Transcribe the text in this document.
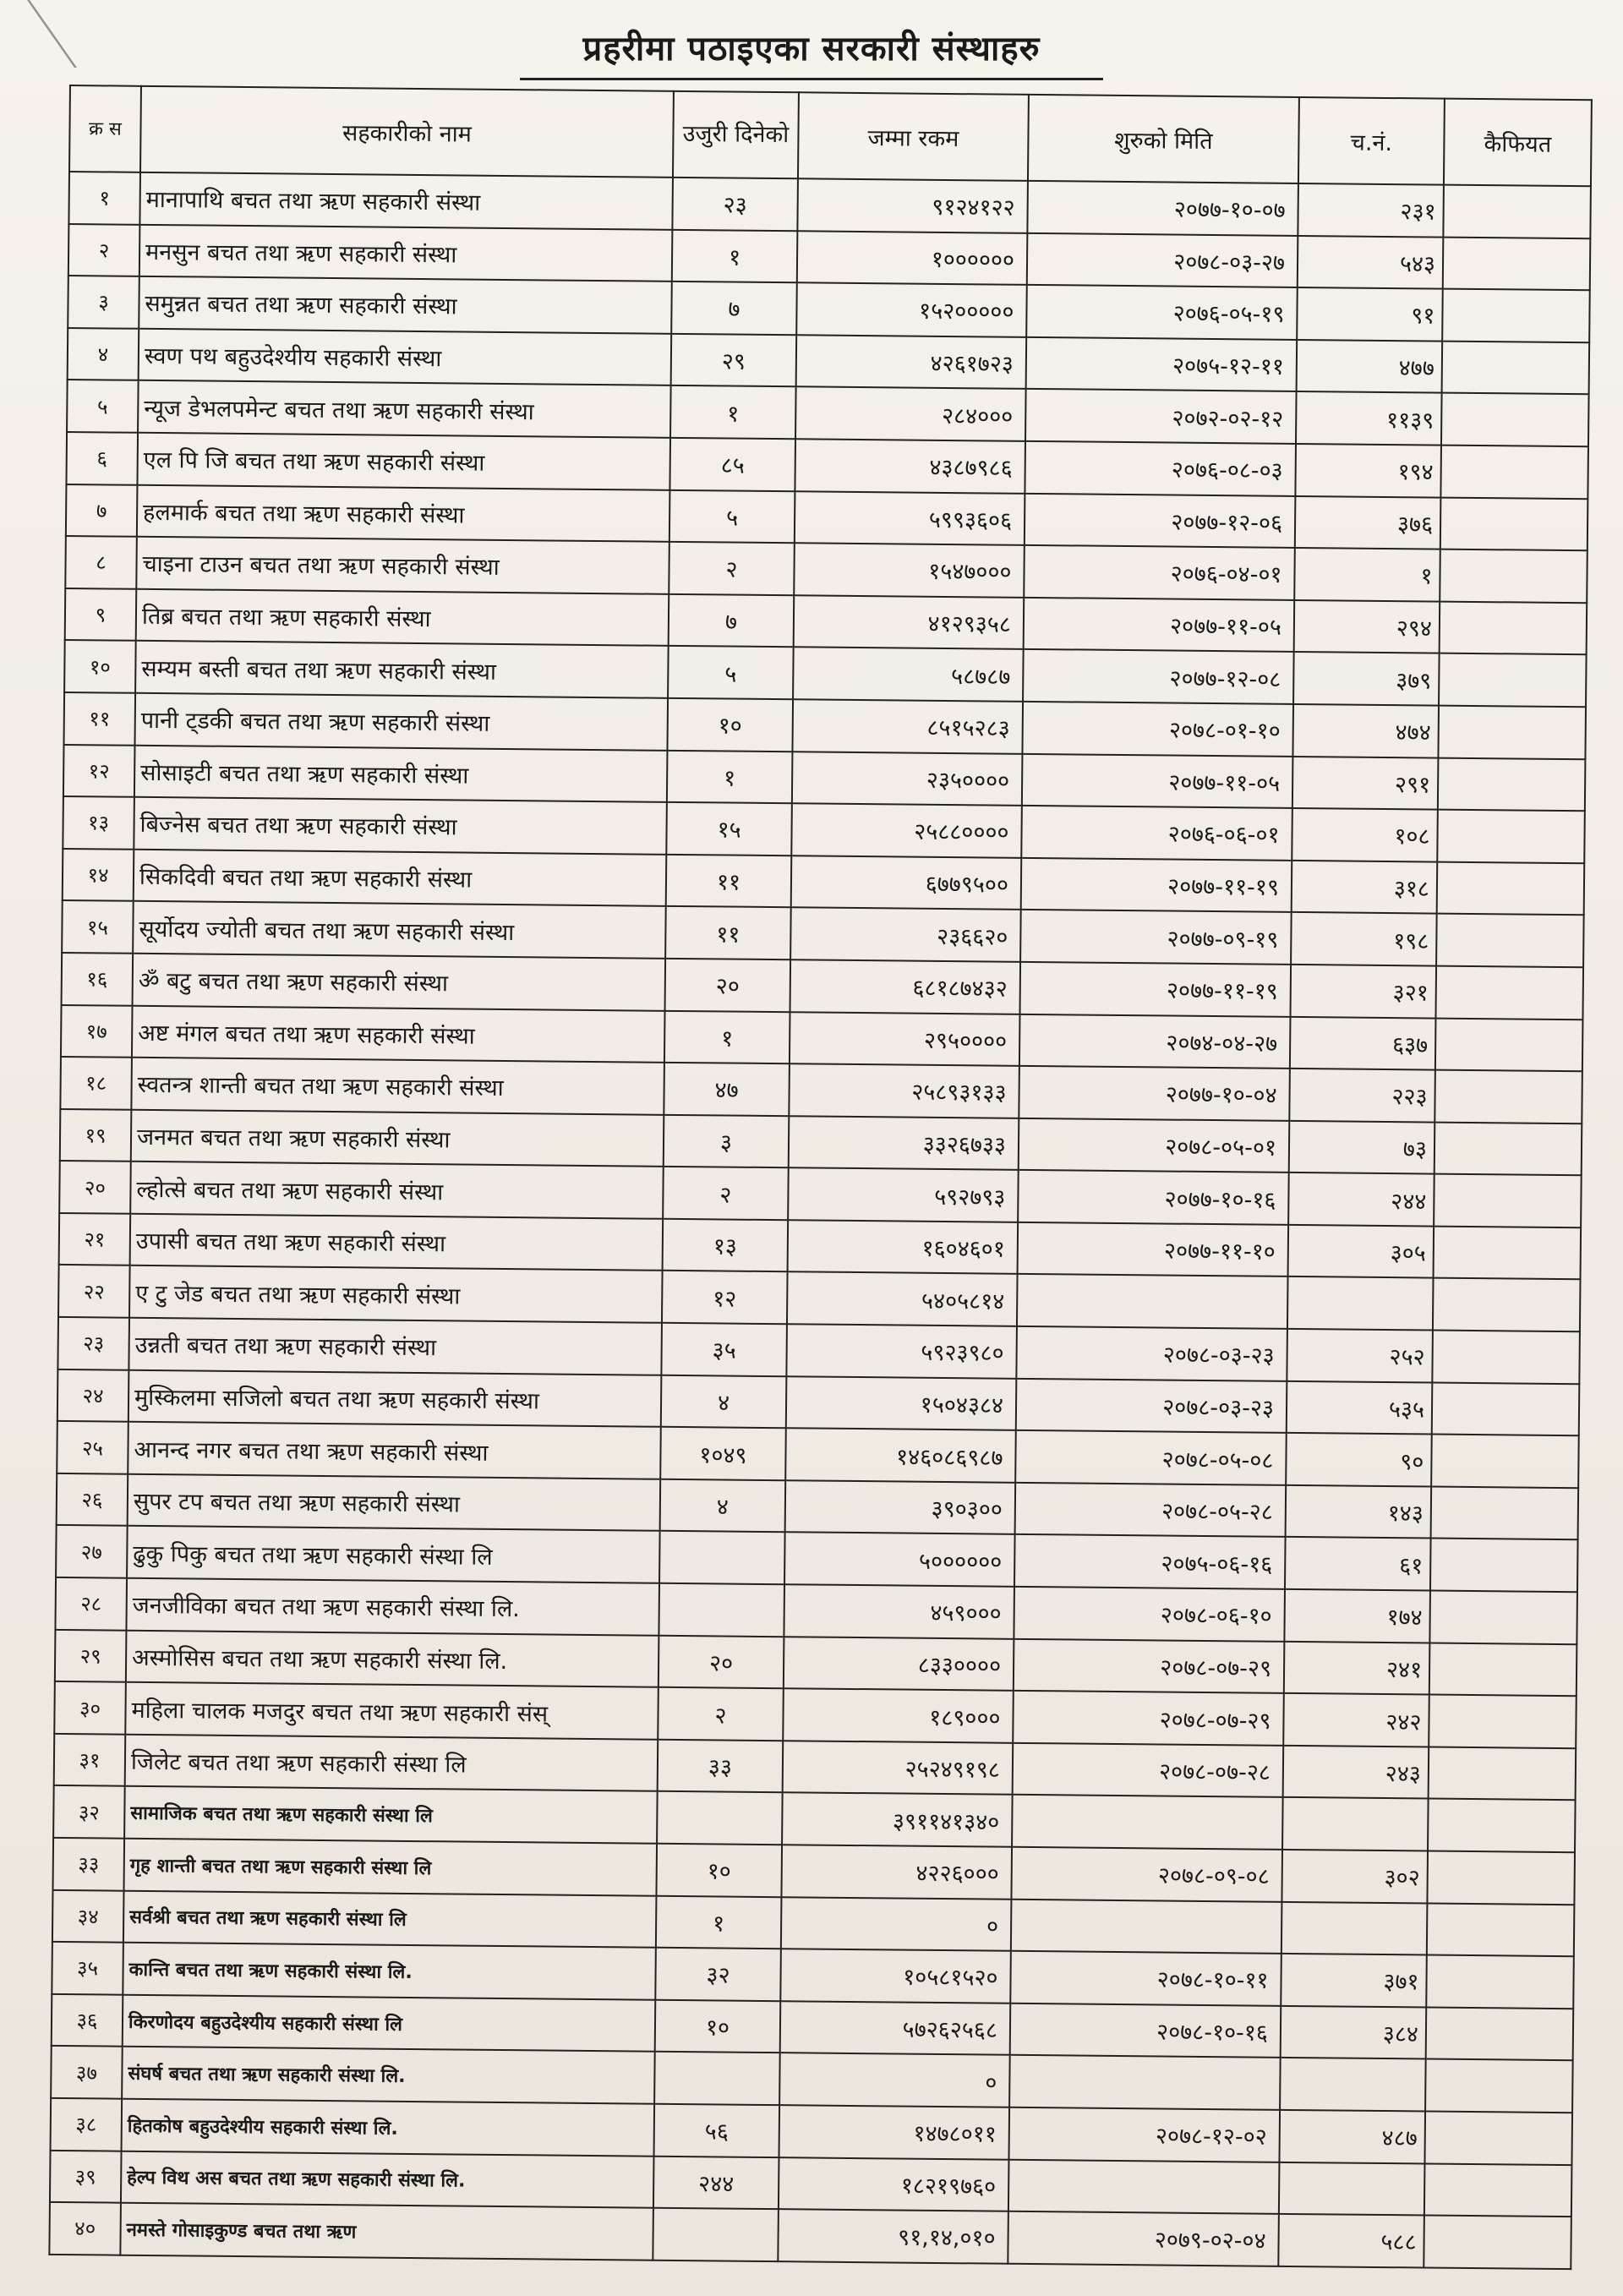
प्रहरीमा पठाइएका सरकारी संस्थाहरु
क्र स	सहकारीको नाम	उजुरी दिनेको	जम्मा रकम	शुरुको मिति	च.नं.	कैफियत
१	मानापाथि बचत तथा ऋण सहकारी संस्था	२३	९१२४१२२	२०७७-१०-०७	२३१	
२	मनसुन बचत तथा ऋण सहकारी संस्था	१	१००००००	२०७८-०३-२७	५४३	
३	समुन्नत बचत तथा ऋण सहकारी संस्था	७	१५२०००००	२०७६-०५-१९	९१	
४	स्वण पथ बहुउदेश्यीय सहकारी संस्था	२९	४२६१७२३	२०७५-१२-११	४७७	
५	न्यूज डेभलपमेन्ट बचत तथा ऋण सहकारी संस्था	१	२८४०००	२०७२-०२-१२	११३९	
६	एल पि जि बचत तथा ऋण सहकारी संस्था	८५	४३८७९८६	२०७६-०८-०३	१९४	
७	हलमार्क बचत तथा ऋण सहकारी संस्था	५	५९९३६०६	२०७७-१२-०६	३७६	
८	चाइना टाउन बचत तथा ऋण सहकारी संस्था	२	१५४७०००	२०७६-०४-०१	१	
९	तिब्र बचत तथा ऋण सहकारी संस्था	७	४१२९३५८	२०७७-११-०५	२९४	
१०	सम्यम बस्ती बचत तथा ऋण सहकारी संस्था	५	५८७८७	२०७७-१२-०८	३७९	
११	पानी ट्डकी बचत तथा ऋण सहकारी संस्था	१०	८५१५२८३	२०७८-०१-१०	४७४	
१२	सोसाइटी बचत तथा ऋण सहकारी संस्था	१	२३५००००	२०७७-११-०५	२९१	
१३	बिज्नेस बचत तथा ऋण सहकारी संस्था	१५	२५८८००००	२०७६-०६-०१	१०८	
१४	सिकदिवी बचत तथा ऋण सहकारी संस्था	११	६७७९५००	२०७७-११-१९	३१८	
१५	सूर्योदय ज्योती बचत तथा ऋण सहकारी संस्था	११	२३६६२०	२०७७-०९-१९	१९८	
१६	ॐ बटु बचत तथा ऋण सहकारी संस्था	२०	६८१८७४३२	२०७७-११-१९	३२१	
१७	अष्ट मंगल बचत तथा ऋण सहकारी संस्था	१	२९५००००	२०७४-०४-२७	६३७	
१८	स्वतन्त्र शान्ती बचत तथा ऋण सहकारी संस्था	४७	२५८९३१३३	२०७७-१०-०४	२२३	
१९	जनमत बचत तथा ऋण सहकारी संस्था	३	३३२६७३३	२०७८-०५-०१	७३	
२०	ल्होत्से बचत तथा ऋण सहकारी संस्था	२	५९२७९३	२०७७-१०-१६	२४४	
२१	उपासी बचत तथा ऋण सहकारी संस्था	१३	१६०४६०१	२०७७-११-१०	३०५	
२२	ए टु जेड बचत तथा ऋण सहकारी संस्था	१२	५४०५८१४			
२३	उन्नती बचत तथा ऋण सहकारी संस्था	३५	५९२३९८०	२०७८-०३-२३	२५२	
२४	मुस्किलमा सजिलो बचत तथा ऋण सहकारी संस्था	४	१५०४३८४	२०७८-०३-२३	५३५	
२५	आनन्द नगर बचत तथा ऋण सहकारी संस्था	१०४९	१४६०८६९८७	२०७८-०५-०८	९०	
२६	सुपर टप बचत तथा ऋण सहकारी संस्था	४	३९०३००	२०७८-०५-२८	१४३	
२७	ढुकु पिकु बचत तथा ऋण सहकारी संस्था लि		५००००००	२०७५-०६-१६	६१	
२८	जनजीविका बचत तथा ऋण सहकारी संस्था लि.		४५९०००	२०७८-०६-१०	१७४	
२९	अस्मोसिस बचत तथा ऋण सहकारी संस्था लि.	२०	८३३००००	२०७८-०७-२९	२४१	
३०	महिला चालक मजदुर बचत तथा ऋण सहकारी संस्	२	१८९०००	२०७८-०७-२९	२४२	
३१	जिलेट बचत तथा ऋण सहकारी संस्था लि	३३	२५२४९१९८	२०७८-०७-२८	२४३	
३२	सामाजिक बचत तथा ऋण सहकारी संस्था लि		३९११४१३४०			
३३	गृह शान्ती बचत तथा ऋण सहकारी संस्था लि	१०	४२२६०००	२०७८-०९-०८	३०२	
३४	सर्वश्री बचत तथा ऋण सहकारी संस्था लि	१	०			
३५	कान्ति बचत तथा ऋण सहकारी संस्था लि.	३२	१०५८१५२०	२०७८-१०-११	३७१	
३६	किरणोदय बहुउदेश्यीय सहकारी संस्था लि	१०	५७२६२५६८	२०७८-१०-१६	३८४	
३७	संघर्ष बचत तथा ऋण सहकारी संस्था लि.		०			
३८	हितकोष बहुउदेश्यीय सहकारी संस्था लि.	५६	१४७८०११	२०७८-१२-०२	४८७	
३९	हेल्प विथ अस बचत तथा ऋण सहकारी संस्था लि.	२४४	१८२१९७६०			
४०	नमस्ते गोसाइकुण्ड बचत तथा ऋण		९१,१४,०१०	२०७९-०२-०४	५८८	
